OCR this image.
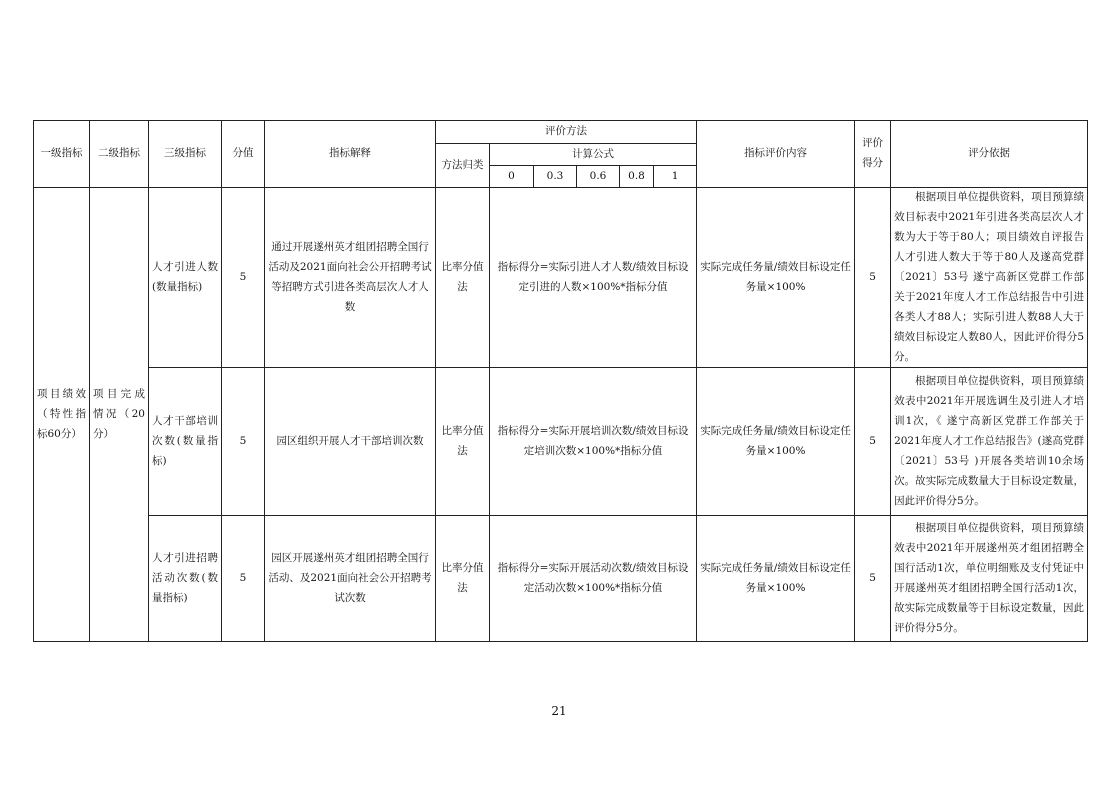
一级指标	二级指标	三级指标	分值	指标解释	评价方法						指标评价内容	评价得分	评分依据
					方法归类	计算公式							
						0	0.3	0.6	0.8	1			
项目绩效（特性指标60分）	项目完成情况（20分）	人才引进人数(数量指标)	5	通过开展遂州英才组团招聘全国行活动及2021面向社会公开招聘考试等招聘方式引进各类高层次人才人数	比率分值法	指标得分=实际引进人才人数/绩效目标设定引进的人数×100%*指标分值					实际完成任务量/绩效目标设定任务量×100%	5	根据项目单位提供资料，项目预算绩效目标表中2021年引进各类高层次人才数为大于等于80人；项目绩效自评报告人才引进人数大于等于80人及遂高党群〔2021〕53号 遂宁高新区党群工作部关于2021年度人才工作总结报告中引进各类人才88人；实际引进人数88人大于绩效目标设定人数80人，因此评价得分5分。
		人才干部培训次数(数量指标)	5	园区组织开展人才干部培训次数	比率分值法	指标得分=实际开展培训次数/绩效目标设定培训次数×100%*指标分值					实际完成任务量/绩效目标设定任务量×100%	5	根据项目单位提供资料，项目预算绩效表中2021年开展选调生及引进人才培训1次，《 遂宁高新区党群工作部关于2021年度人才工作总结报告》(遂高党群 〔2021〕53号 )开展各类培训10余场次。故实际完成数量大于目标设定数量，因此评价得分5分。
		人才引进招聘活动次数(数量指标)	5	园区开展遂州英才组团招聘全国行活动、及2021面向社会公开招聘考试次数	比率分值法	指标得分=实际开展活动次数/绩效目标设定活动次数×100%*指标分值					实际完成任务量/绩效目标设定任务量×100%	5	根据项目单位提供资料，项目预算绩效表中2021年开展遂州英才组团招聘全国行活动1次，单位明细账及支付凭证中开展遂州英才组团招聘全国行活动1次，故实际完成数量等于目标设定数量，因此评价得分5分。
21
